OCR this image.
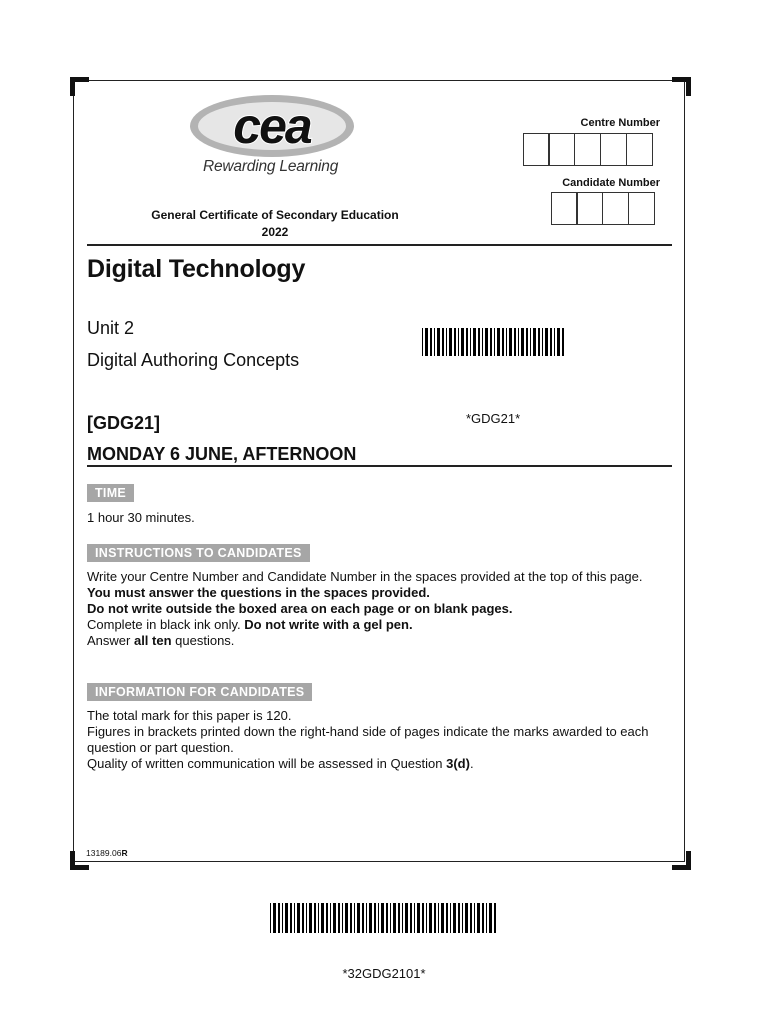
cea
Rewarding Learning
Centre Number
Candidate Number
General Certificate of Secondary Education
2022
Digital Technology
Unit 2
Digital Authoring Concepts
*GDG21*
[GDG21]
MONDAY 6 JUNE, AFTERNOON
TIME

1 hour 30 minutes.

INSTRUCTIONS TO CANDIDATES

Write your Centre Number and Candidate Number in the spaces provided at the top of this page.

You must answer the questions in the spaces provided.

Do not write outside the boxed area on each page or on blank pages.

Complete in black ink only. Do not write with a gel pen.

Answer all ten questions.

INFORMATION FOR CANDIDATES

The total mark for this paper is 120.

Figures in brackets printed down the right-hand side of pages indicate the marks awarded to each question or part question.

Quality of written communication will be assessed in Question 3(d).

13189.06R
*32GDG2101*
